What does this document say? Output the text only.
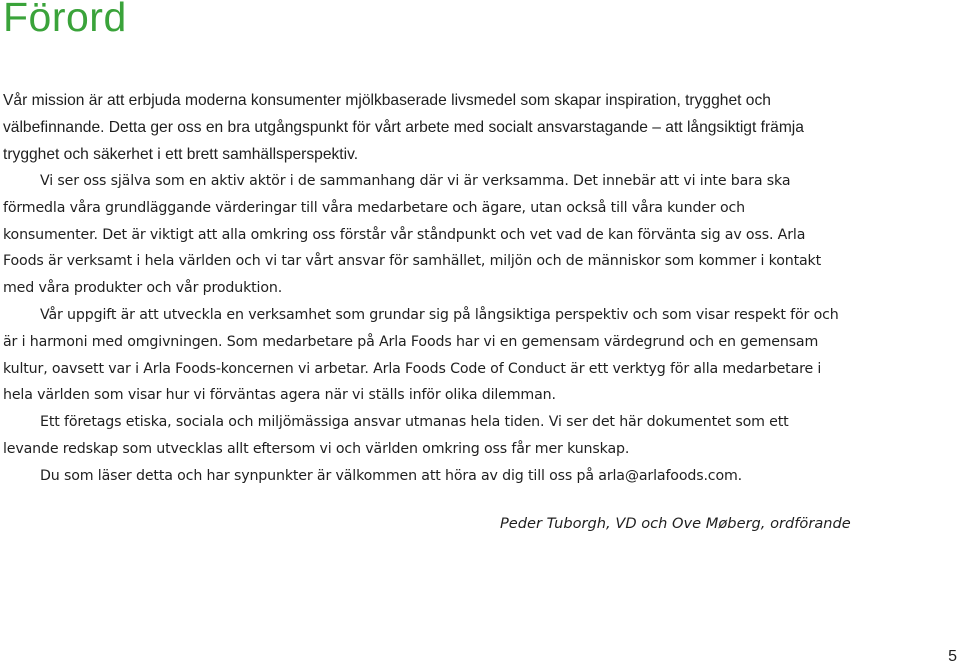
Förord

Vår mission är att erbjuda moderna konsumenter mjölkbaserade livsmedel som skapar inspiration, trygghet och välbefinnande. Detta ger oss en bra utgångspunkt för vårt arbete med socialt ansvarstagande – att långsiktigt främja trygghet och säkerhet i ett brett samhällsperspektiv.

Vi ser oss själva som en aktiv aktör i de sammanhang där vi är verksamma. Det innebär att vi inte bara ska förmedla våra grundläggande värderingar till våra medarbetare och ägare, utan också till våra kunder och konsumenter. Det är viktigt att alla omkring oss förstår vår ståndpunkt och vet vad de kan förvänta sig av oss. Arla Foods är verksamt i hela världen och vi tar vårt ansvar för samhället, miljön och de människor som kommer i kontakt med våra produkter och vår produktion.

Vår uppgift är att utveckla en verksamhet som grundar sig på långsiktiga perspektiv och som visar respekt för och är i harmoni med omgivningen. Som medarbetare på Arla Foods har vi en gemensam värdegrund och en gemensam kultur, oavsett var i Arla Foods-koncernen vi arbetar. Arla Foods Code of Conduct är ett verktyg för alla medarbetare i hela världen som visar hur vi förväntas agera när vi ställs inför olika dilemman.

Ett företags etiska, sociala och miljömässiga ansvar utmanas hela tiden. Vi ser det här dokumentet som ett levande redskap som utvecklas allt eftersom vi och världen omkring oss får mer kunskap.

Du som läser detta och har synpunkter är välkommen att höra av dig till oss på arla@arlafoods.com.

Peder Tuborgh, VD och Ove Møberg, ordförande

5
